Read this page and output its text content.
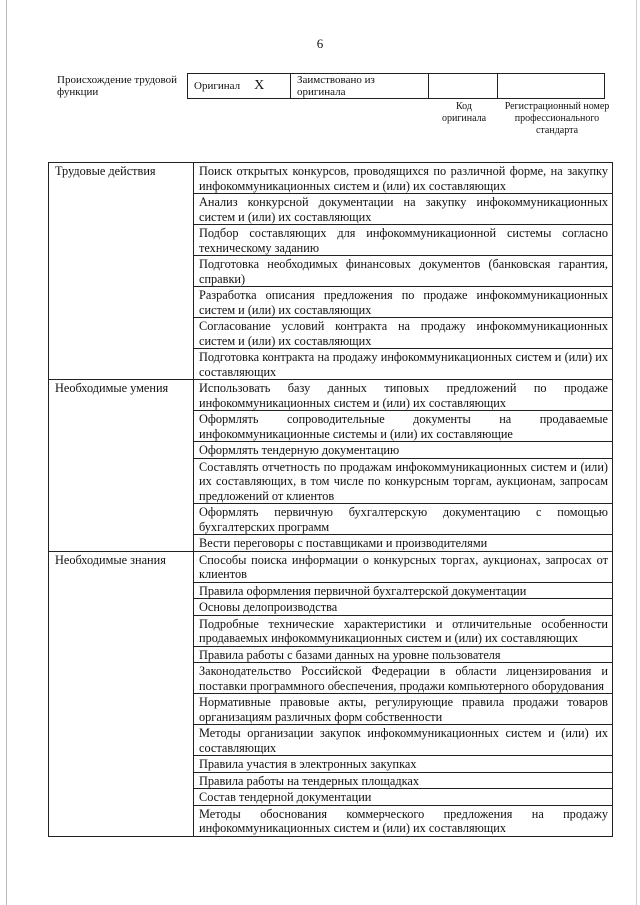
6
Происхождение трудовой функции	Оригинал X	Заимствовано из оригинала		
Код оригинала
Регистрационный номер профессионального стандарта
Трудовые действия	Поиск открытых конкурсов, проводящихся по различной форме, на закупку инфокоммуникационных систем и (или) их составляющих
	Анализ конкурсной документации на закупку инфокоммуникационных систем и (или) их составляющих
	Подбор составляющих для инфокоммуникационной системы согласно техническому заданию
	Подготовка необходимых финансовых документов (банковская гарантия, справки)
	Разработка описания предложения по продаже инфокоммуникационных систем и (или) их составляющих
	Согласование условий контракта на продажу инфокоммуникационных систем и (или) их составляющих
	Подготовка контракта на продажу инфокоммуникационных систем и (или) их составляющих
Необходимые умения	Использовать базу данных типовых предложений по продаже инфокоммуникационных систем и (или) их составляющих
	Оформлять сопроводительные документы на продаваемые инфокоммуникационные системы и (или) их составляющие
	Оформлять тендерную документацию
	Составлять отчетность по продажам инфокоммуникационных систем и (или) их составляющих, в том числе по конкурсным торгам, аукционам, запросам предложений от клиентов
	Оформлять первичную бухгалтерскую документацию с помощью бухгалтерских программ
	Вести переговоры с поставщиками и производителями
Необходимые знания	Способы поиска информации о конкурсных торгах, аукционах, запросах от клиентов
	Правила оформления первичной бухгалтерской документации
	Основы делопроизводства
	Подробные технические характеристики и отличительные особенности продаваемых инфокоммуникационных систем и (или) их составляющих
	Правила работы с базами данных на уровне пользователя
	Законодательство Российской Федерации в области лицензирования и поставки программного обеспечения, продажи компьютерного оборудования
	Нормативные правовые акты, регулирующие правила продажи товаров организациям различных форм собственности
	Методы организации закупок инфокоммуникационных систем и (или) их составляющих
	Правила участия в электронных закупках
	Правила работы на тендерных площадках
	Состав тендерной документации
	Методы обоснования коммерческого предложения на продажу инфокоммуникационных систем и (или) их составляющих
